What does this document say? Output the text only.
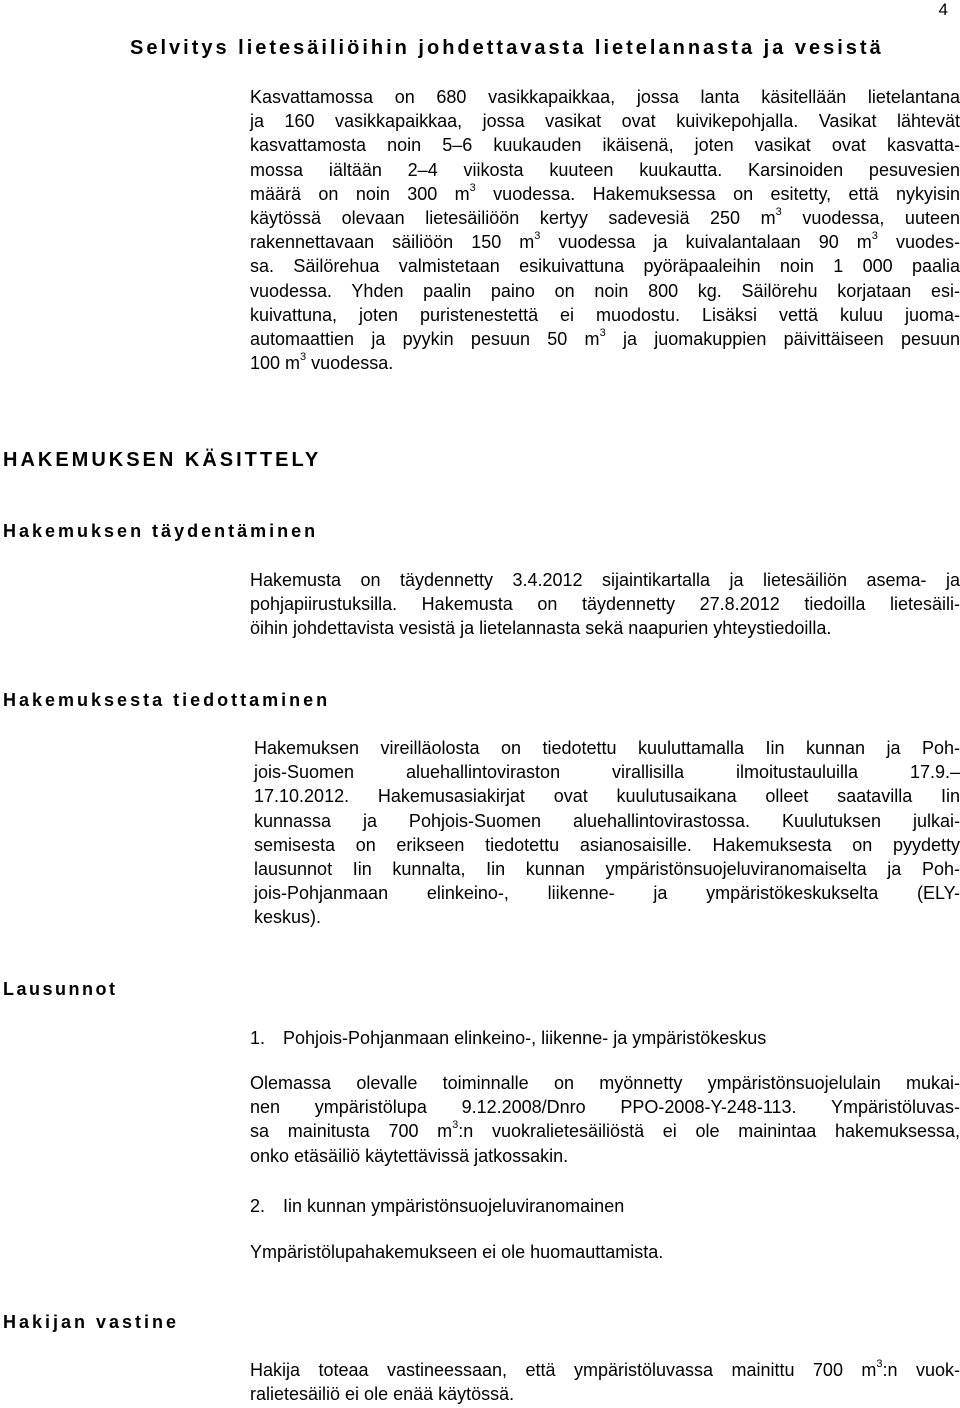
4
Selvitys lietesäiliöihin johdettavasta lietelannasta ja vesistä
Kasvattamossa on 680 vasikkapaikkaa, jossa lanta käsitellään lietelantana
ja 160 vasikkapaikkaa, jossa vasikat ovat kuivikepohjalla. Vasikat lähtevät
kasvattamosta noin 5–6 kuukauden ikäisenä, joten vasikat ovat kasvatta-
mossa iältään 2–4 viikosta kuuteen kuukautta. Karsinoiden pesuvesien
määrä on noin 300 $m^3$ vuodessa. Hakemuksessa on esitetty, että nykyisin
käytössä olevaan lietesäiliöön kertyy sadevesiä 250 $m^3$ vuodessa, uuteen
rakennettavaan säiliöön 150 $m^3$ vuodessa ja kuivalantalaan 90 $m^3$ vuodes-
sa. Säilörehua valmistetaan esikuivattuna pyöräpaaleihin noin 1 000 paalia
vuodessa. Yhden paalin paino on noin 800 kg. Säilörehu korjataan esi-
kuivattuna, joten puristenestettä ei muodostu. Lisäksi vettä kuluu juoma-
automaattien ja pyykin pesuun 50 $m^3$ ja juomakuppien päivittäiseen pesuun
100 $m^3$ vuodessa.
HAKEMUKSEN KÄSITTELY
Hakemuksen täydentäminen
Hakemusta on täydennetty 3.4.2012 sijaintikartalla ja lietesäiliön asema- ja
pohjapiirustuksilla. Hakemusta on täydennetty 27.8.2012 tiedoilla lietesäili-
öihin johdettavista vesistä ja lietelannasta sekä naapurien yhteystiedoilla.
Hakemuksesta tiedottaminen
Hakemuksen vireilläolosta on tiedotettu kuuluttamalla Iin kunnan ja Poh-
jois-Suomen aluehallintoviraston virallisilla ilmoitustauluilla 17.9.–
17.10.2012. Hakemusasiakirjat ovat kuulutusaikana olleet saatavilla Iin
kunnassa ja Pohjois-Suomen aluehallintovirastossa. Kuulutuksen julkai-
semisesta on erikseen tiedotettu asianosaisille. Hakemuksesta on pyydetty
lausunnot Iin kunnalta, Iin kunnan ympäristönsuojeluviranomaiselta ja Poh-
jois-Pohjanmaan elinkeino-, liikenne- ja ympäristökeskukselta (ELY-
keskus).
Lausunnot
1. Pohjois-Pohjanmaan elinkeino-, liikenne- ja ympäristökeskus
Olemassa olevalle toiminnalle on myönnetty ympäristönsuojelulain mukai-
nen ympäristölupa 9.12.2008/Dnro PPO-2008-Y-248-113. Ympäristöluvas-
sa mainitusta 700 $m^3:n$ vuokralietesäiliöstä ei ole mainintaa hakemuksessa,
onko etäsäiliö käytettävissä jatkossakin.
2. Iin kunnan ympäristönsuojeluviranomainen
Ympäristölupahakemukseen ei ole huomauttamista.
Hakijan vastine
Hakija toteaa vastineessaan, että ympäristöluvassa mainittu 700 $m^3:n$ vuok-
ralietesäiliö ei ole enää käytössä.
